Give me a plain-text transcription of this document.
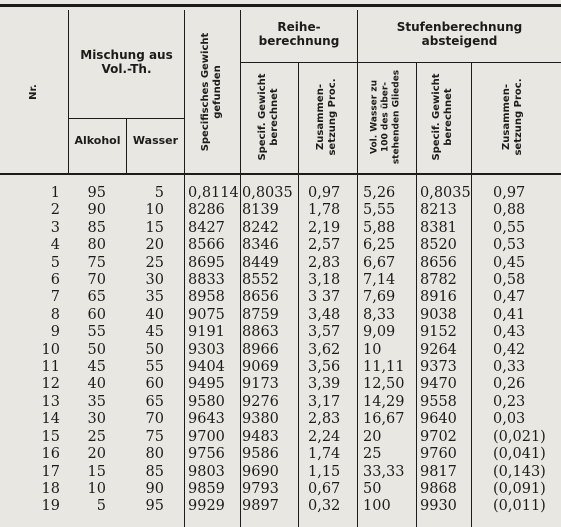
Nr.
Mischung aus
Vol.-Th.
Alkohol	Wasser	Specifisches Gewicht
gefunden
Reihe-
berechnung
Specif. Gewicht
berechnet	Zusammen-
setzung Proc.
Stufenberechnung
absteigend
Vol. Wasser zu
100 des über-
stehenden Gliedes
Specif. Gewicht
berechnet	Zusammen-
setzung Proc.
1	95	5	0,8114	0,8035	0,97	5,26	0,8035	0,97
2	90	10	8286	8139	1,78	5,55	8213	0,88
3	85	15	8427	8242	2,19	5,88	8381	0,55
4	80	20	8566	8346	2,57	6,25	8520	0,53
5	75	25	8695	8449	2,83	6,67	8656	0,45
6	70	30	8833	8552	3,18	7,14	8782	0,58
7	65	35	8958	8656	3 37	7,69	8916	0,47
8	60	40	9075	8759	3,48	8,33	9038	0,41
9	55	45	9191	8863	3,57	9,09	9152	0,43
10	50	50	9303	8966	3,62	10	9264	0,42
11	45	55	9404	9069	3,56	11,11	9373	0,33
12	40	60	9495	9173	3,39	12,50	9470	0,26
13	35	65	9580	9276	3,17	14,29	9558	0,23
14	30	70	9643	9380	2,83	16,67	9640	0,03
15	25	75	9700	9483	2,24	20	9702	(0,021)
16	20	80	9756	9586	1,74	25	9760	(0,041)
17	15	85	9803	9690	1,15	33,33	9817	(0,143)
18	10	90	9859	9793	0,67	50	9868	(0,091)
19	5	95	9929	9897	0,32	100	9930	(0,011)
